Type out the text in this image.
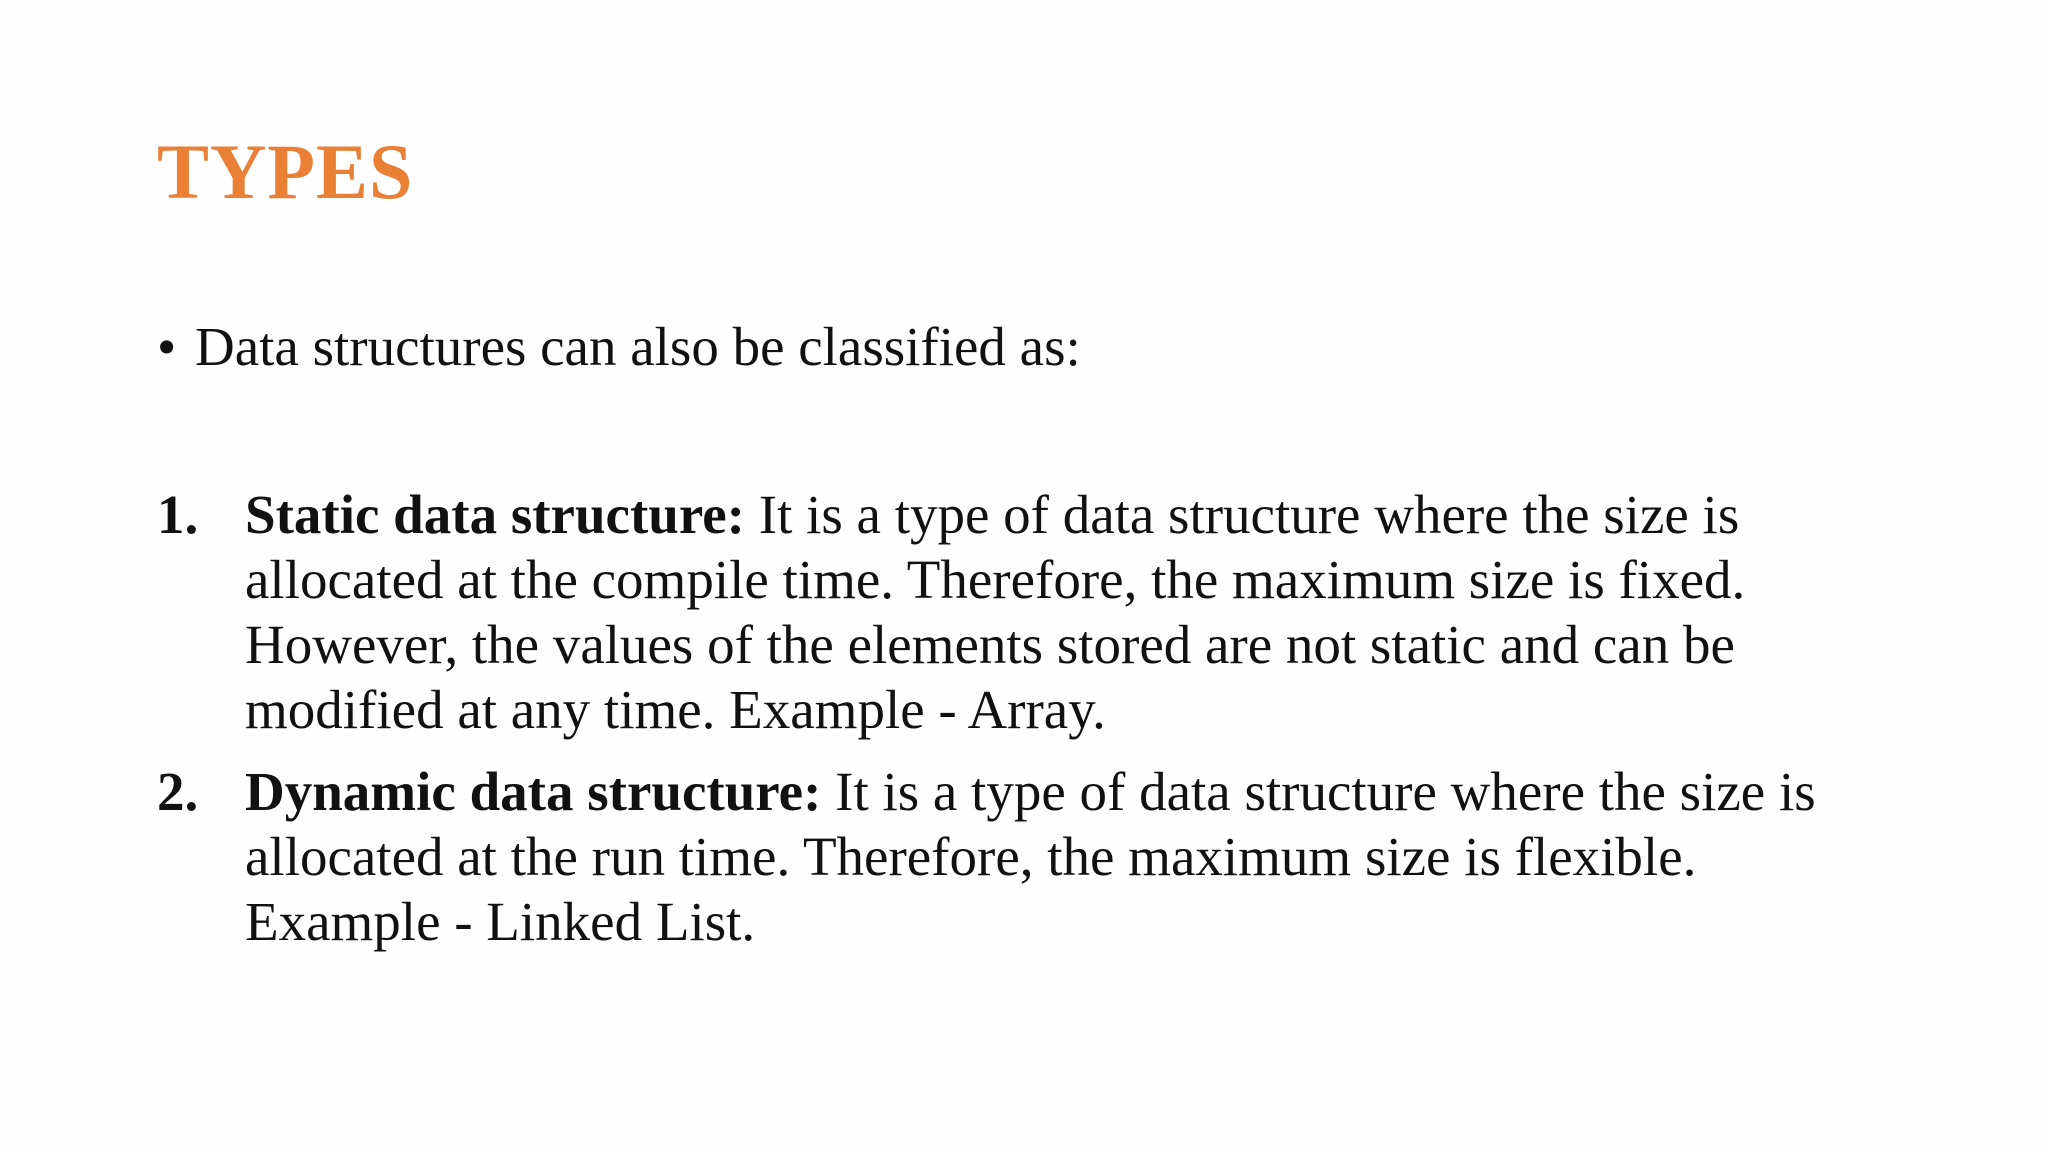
TYPES
• Data structures can also be classified as:
1. Static data structure: It is a type of data structure where the size is allocated at the compile time. Therefore, the maximum size is fixed. However, the values of the elements stored are not static and can be modified at any time. Example - Array.
2. Dynamic data structure: It is a type of data structure where the size is allocated at the run time. Therefore, the maximum size is flexible. Example - Linked List.
